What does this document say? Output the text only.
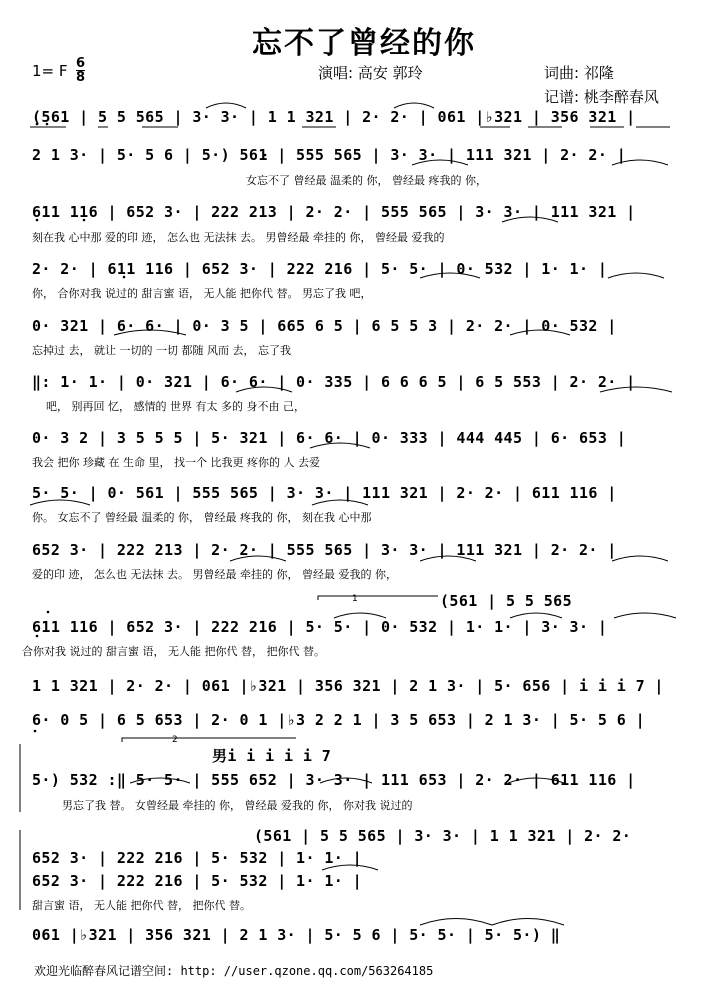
忘不了曾经的你
1= F 6
8	演唱: 高安 郭玲	词曲: 祁隆
记谱: 桃李醉春风
(561 | 5 5 565 | 3· 3· | 1 1 321 | 2· 2· | 061 |♭321 | 356 321 |
2 1 3· | 5· 5 6 | 5·) 561 | 555 565 | 3· 3· | 111 321 | 2· 2· |
女忘不了 曾经最 温柔的 你， 曾经最 疼我的 你，
611 116 | 652 3· | 222 213 | 2· 2· | 555 565 | 3· 3· | 111 321 |
刻在我 心中那 爱的印 迹， 怎么也 无法抹 去。 男曾经最 牵挂的 你， 曾经最 爱我的
2· 2· | 611 116 | 652 3· | 222 216 | 5· 5· | 0· 532 | 1· 1· |
你， 合你对我 说过的 甜言蜜 语， 无人能 把你代 替。 男忘了我 吧，
0· 321 | 6· 6· | 0· 3 5 | 665 6 5 | 6 5 5 3 | 2· 2· | 0· 532 |
忘掉过 去， 就让 一切的 一切 都随 风而 去， 忘了我
‖: 1· 1· | 0· 321 | 6· 6· | 0· 335 | 6 6 6 5 | 6 5 553 | 2· 2· |
吧， 别再回 忆， 感情的 世界 有太 多的 身不由 己，
0· 3 2 | 3 5 5 5 | 5· 321 | 6· 6· | 0· 333 | 444 445 | 6· 653 |
我会 把你 珍藏 在 生命 里， 找一个 比我更 疼你的 人 去爱
5· 5· | 0· 561 | 555 565 | 3· 3· | 111 321 | 2· 2· | 611 116 |
你。 女忘不了 曾经最 温柔的 你， 曾经最 疼我的 你， 刻在我 心中那
652 3· | 222 213 | 2· 2· | 555 565 | 3· 3· | 111 321 | 2· 2· |
爱的印 迹， 怎么也 无法抹 去。 男曾经最 牵挂的 你， 曾经最 爱我的 你，
1	(561 | 5 5 565
611 116 | 652 3· | 222 216 | 5· 5· | 0· 532 | 1· 1· | 3· 3· |
合你对我 说过的 甜言蜜 语， 无人能 把你代 替， 把你代 替。
1 1 321 | 2· 2· | 061 |♭321 | 356 321 | 2 1 3· | 5· 656 | i i i 7 |
6· 0 5 | 6 5 653 | 2· 0 1 |♭3 2 2 1 | 3 5 653 | 2 1 3· | 5· 5 6 |
2
男i i i i i 7
5·) 532 :‖ 5· 5· | 555 652 | 3· 3· | 111 653 | 2· 2· | 611 116 |
男忘了我 替。 女曾经最 牵挂的 你， 曾经最 爱我的 你， 你对我 说过的
(561 | 5 5 565 | 3· 3· | 1 1 321 | 2· 2·
652 3· | 222 216 | 5· 532 | 1· 1· |
652 3· | 222 216 | 5· 532 | 1· 1· |
甜言蜜 语， 无人能 把你代 替， 把你代 替。
061 |♭321 | 356 321 | 2 1 3· | 5· 5 6 | 5· 5· | 5· 5·) ‖
欢迎光临醉春风记谱空间: http: //user.qzone.qq.com/563264185
